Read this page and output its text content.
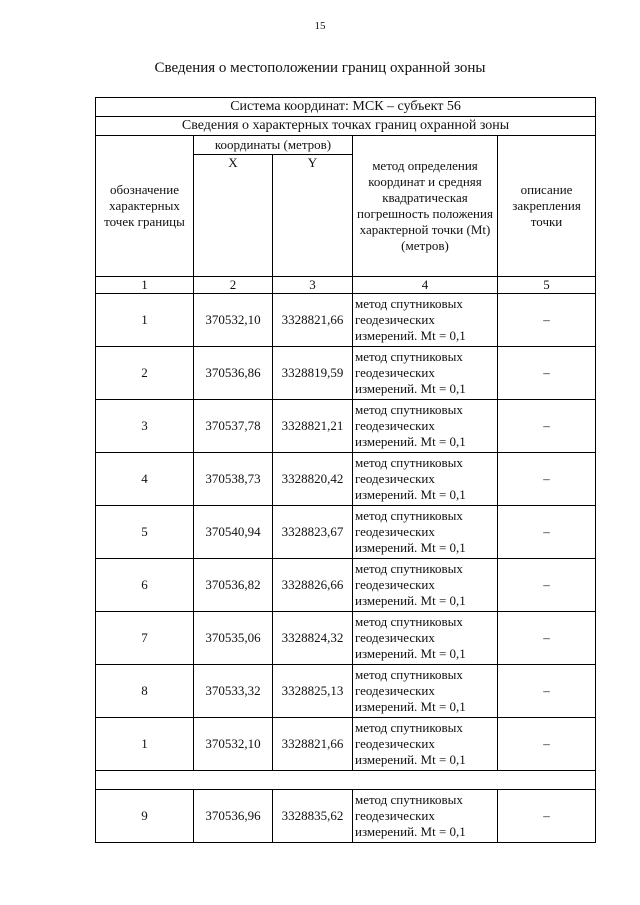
15
Сведения о местоположении границ охранной зоны
Система координат: МСК – субъект 56				
Сведения о характерных точках границ охранной зоны				
обозначение характерных точек границы	координаты (метров)		метод определения координат и средняя квадратическая погрешность положения характерной точки (Mt) (метров)	описание закрепления точки
	X	Y		
1	2	3	4	5
1	370532,10	3328821,66	метод спутниковых геодезических измерений. Mt = 0,1	–
2	370536,86	3328819,59	метод спутниковых геодезических измерений. Mt = 0,1	–
3	370537,78	3328821,21	метод спутниковых геодезических измерений. Mt = 0,1	–
4	370538,73	3328820,42	метод спутниковых геодезических измерений. Mt = 0,1	–
5	370540,94	3328823,67	метод спутниковых геодезических измерений. Mt = 0,1	–
6	370536,82	3328826,66	метод спутниковых геодезических измерений. Mt = 0,1	–
7	370535,06	3328824,32	метод спутниковых геодезических измерений. Mt = 0,1	–
8	370533,32	3328825,13	метод спутниковых геодезических измерений. Mt = 0,1	–
1	370532,10	3328821,66	метод спутниковых геодезических измерений. Mt = 0,1	–

9	370536,96	3328835,62	метод спутниковых геодезических измерений. Mt = 0,1	–
